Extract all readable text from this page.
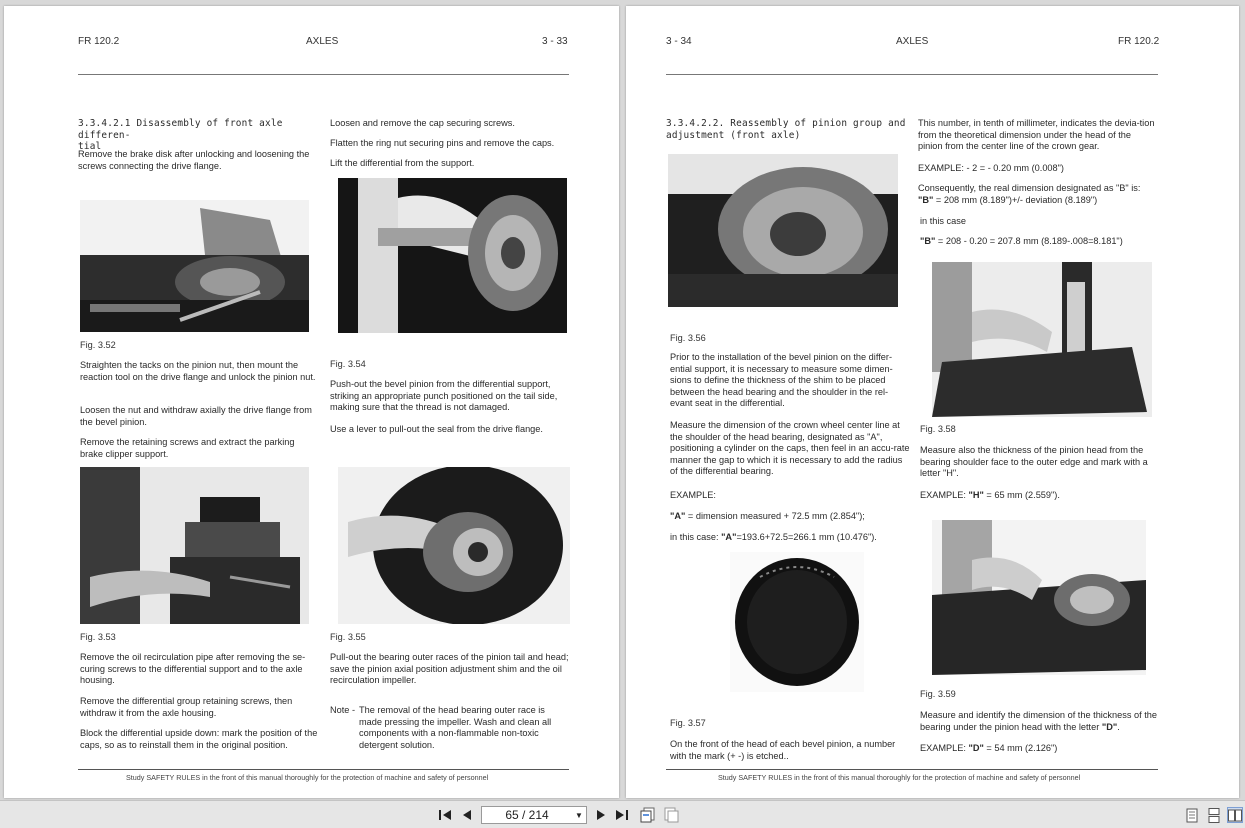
FR 120.2	AXLES	3 - 33
3.3.4.2.1 Disassembly of front axle differen-
tial
Remove the brake disk after unlocking and loosening the screws connecting the drive flange.
Fig. 3.52
Straighten the tacks on the pinion nut, then mount the reaction tool on the drive flange and unlock the pinion nut.
Loosen the nut and withdraw axially the drive flange from the bevel pinion.
Remove the retaining screws and extract the parking brake clipper support.
Fig. 3.53
Remove the oil recirculation pipe after removing the se-curing screws to the differential support and to the axle housing.
Remove the differential group retaining screws, then withdraw it from the axle housing.
Block the differential upside down: mark the position of the caps, so as to reinstall them in the original position.
Loosen and remove the cap securing screws.
Flatten the ring nut securing pins and remove the caps.
Lift the differential from the support.
Fig. 3.54
Push-out the bevel pinion from the differential support, striking an appropriate punch positioned on the tail side, making sure that the thread is not damaged.
Use a lever to pull-out the seal from the drive flange.
Fig. 3.55
Pull-out the bearing outer races of the pinion tail and head; save the pinion axial position adjustment shim and the oil recirculation impeller.
Note - The removal of the head bearing outer race is made pressing the impeller. Wash and clean all components with a non-flammable non-toxic detergent solution.
Study SAFETY RULES in the front of this manual thoroughly for the protection of machine and safety of personnel
3 - 34	AXLES	FR 120.2
3.3.4.2.2. Reassembly of pinion group and
adjustment (front axle)
Fig. 3.56
Prior to the installation of the bevel pinion on the differ-ential support, it is necessary to measure some dimen-sions to define the thickness of the shim to be placed between the head bearing and the shoulder in the rel-evant seat in the differential.
Measure the dimension of the crown wheel center line at the shoulder of the head bearing, designated as "A", positioning a cylinder on the caps, then feel in an accu-rate manner the gap to which it is necessary to add the radius of the differential bearing.
EXAMPLE:
"A" = dimension measured + 72.5 mm (2.854");
in this case: "A"=193.6+72.5=266.1 mm (10.476").
Fig. 3.57
On the front of the head of each bevel pinion, a number with the mark (+ -) is etched..
This number, in tenth of millimeter, indicates the devia-tion from the theoretical dimension under the head of the pinion from the center line of the crown gear.
EXAMPLE: - 2 = - 0.20 mm (0.008")
Consequently, the real dimension designated as "B" is: "B" = 208 mm (8.189")+/- deviation (8.189")
in this case
"B" = 208 - 0.20 = 207.8 mm (8.189-.008=8.181")
Fig. 3.58
Measure also the thickness of the pinion head from the bearing shoulder face to the outer edge and mark with a letter "H".
EXAMPLE: "H" = 65 mm (2.559").
Fig. 3.59
Measure and identify the dimension of the thickness of the bearing under the pinion head with the letter "D".
EXAMPLE: "D" = 54 mm (2.126")
Study SAFETY RULES in the front of this manual thoroughly for the protection of machine and safety of personnel
65 / 214	▼
